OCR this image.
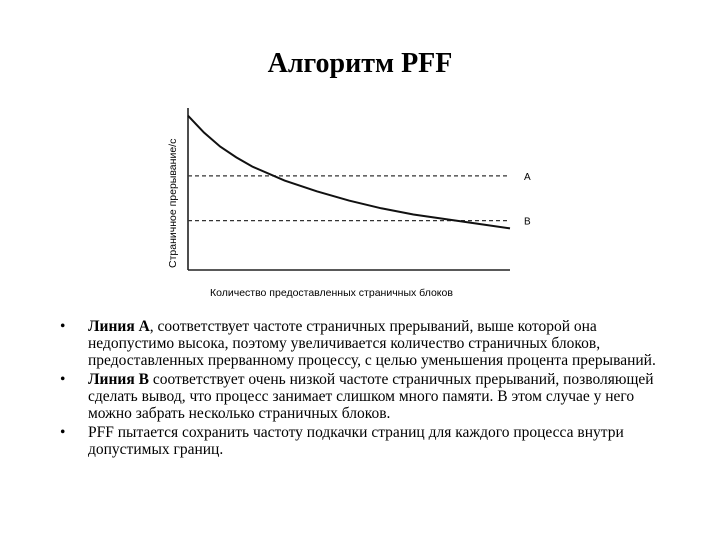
Алгоритм PFF
A
B
Страничное прерывание/с
Количество предоставленных страничных блоков
• Линия А, соответствует частоте страничных прерываний, выше которой она недопустимо высока, поэтому увеличивается количество страничных блоков, предоставленных прерванному процессу, с целью уменьшения процента прерываний.
• Линия В соответствует очень низкой частоте страничных прерываний, позволяющей сделать вывод, что процесс занимает слишком много памяти. В этом случае у него можно забрать несколько страничных блоков.
• PFF пытается сохранить частоту подкачки страниц для каждого процесса внутри допустимых границ.
